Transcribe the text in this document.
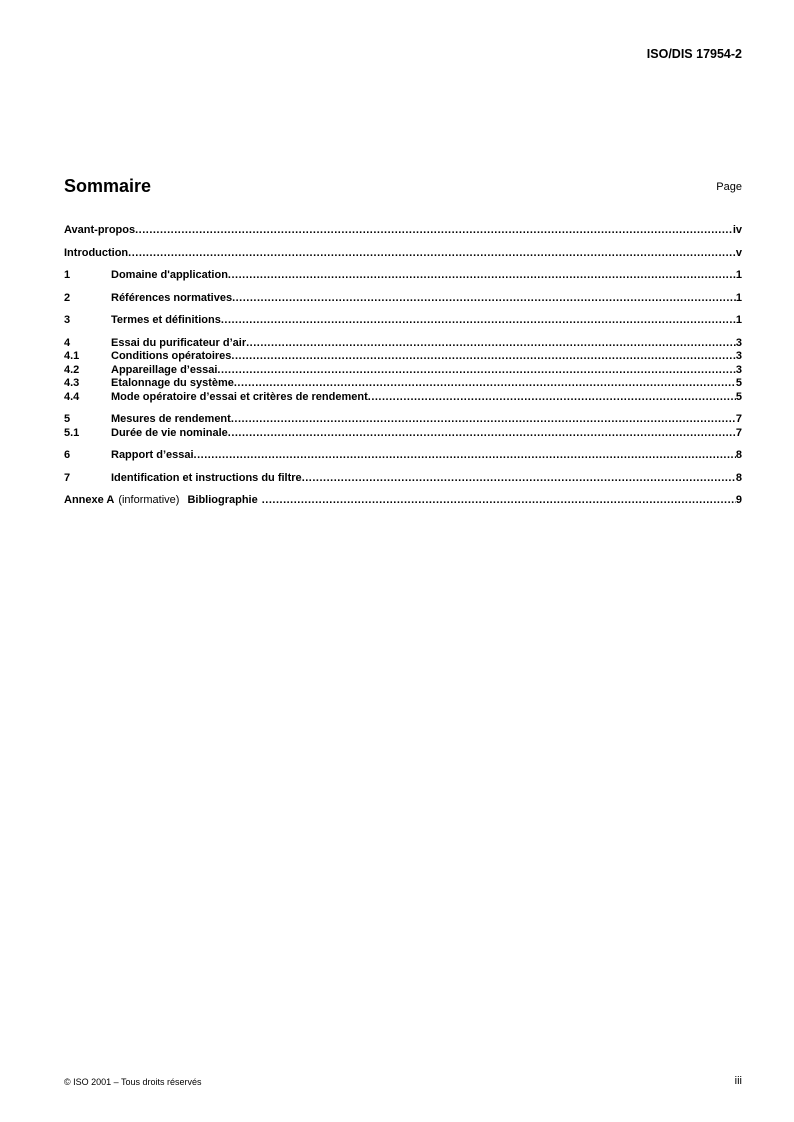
ISO/DIS 17954-2
Sommaire	Page
Avant-propos .....	iv
Introduction .....	v
1	Domaine d'application .....	1
2	Références normatives .....	1
3	Termes et définitions .....	1
4	Essai du purificateur d’air .....	3
4.1	Conditions opératoires .....	3
4.2	Appareillage d’essai .....	3
4.3	Etalonnage du système .....	5
4.4	Mode opératoire d’essai et critères de rendement .....	5
5	Mesures de rendement .....	7
5.1	Durée de vie nominale .....	7
6	Rapport d’essai .....	8
7	Identification et instructions du filtre .....	8
Annexe A (informative) Bibliographie .....	9
© ISO 2001 – Tous droits réservés	iii
